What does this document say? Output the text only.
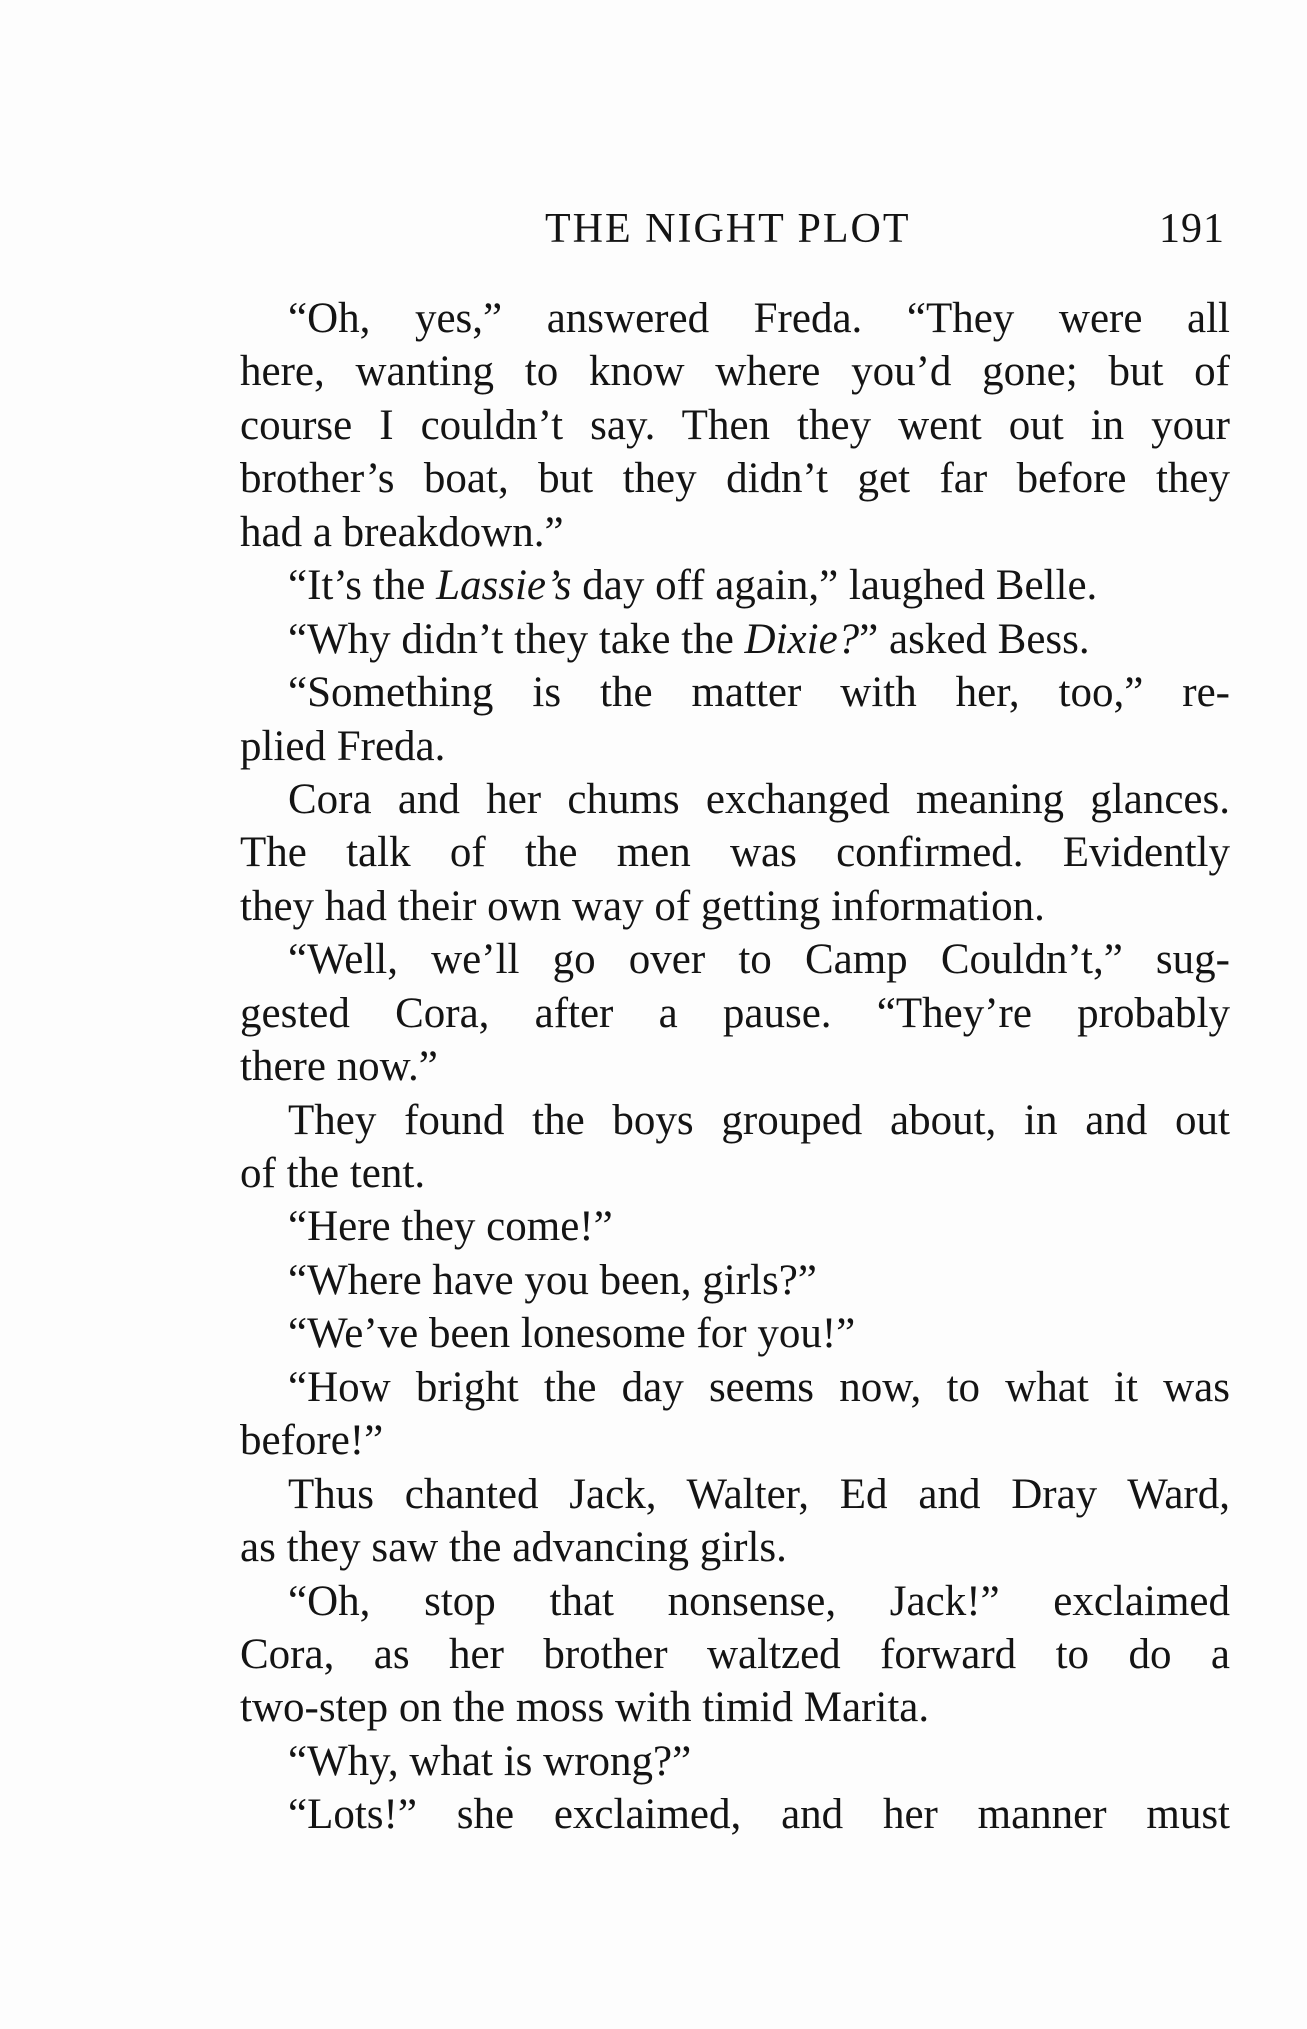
THE NIGHT PLOT	191
“Oh, yes,” answered Freda. “They were all
here, wanting to know where you’d gone; but of
course I couldn’t say. Then they went out in your
brother’s boat, but they didn’t get far before they
had a breakdown.”
“It’s the Lassie’s day off again,” laughed Belle.
“Why didn’t they take the Dixie?” asked Bess.
“Something is the matter with her, too,” re-
plied Freda.
Cora and her chums exchanged meaning glances.
The talk of the men was confirmed. Evidently
they had their own way of getting information.
“Well, we’ll go over to Camp Couldn’t,” sug-
gested Cora, after a pause. “They’re probably
there now.”
They found the boys grouped about, in and out
of the tent.
“Here they come!”
“Where have you been, girls?”
“We’ve been lonesome for you!”
“How bright the day seems now, to what it was
before!”
Thus chanted Jack, Walter, Ed and Dray Ward,
as they saw the advancing girls.
“Oh, stop that nonsense, Jack!” exclaimed
Cora, as her brother waltzed forward to do a
two-step on the moss with timid Marita.
“Why, what is wrong?”
“Lots!” she exclaimed, and her manner must
